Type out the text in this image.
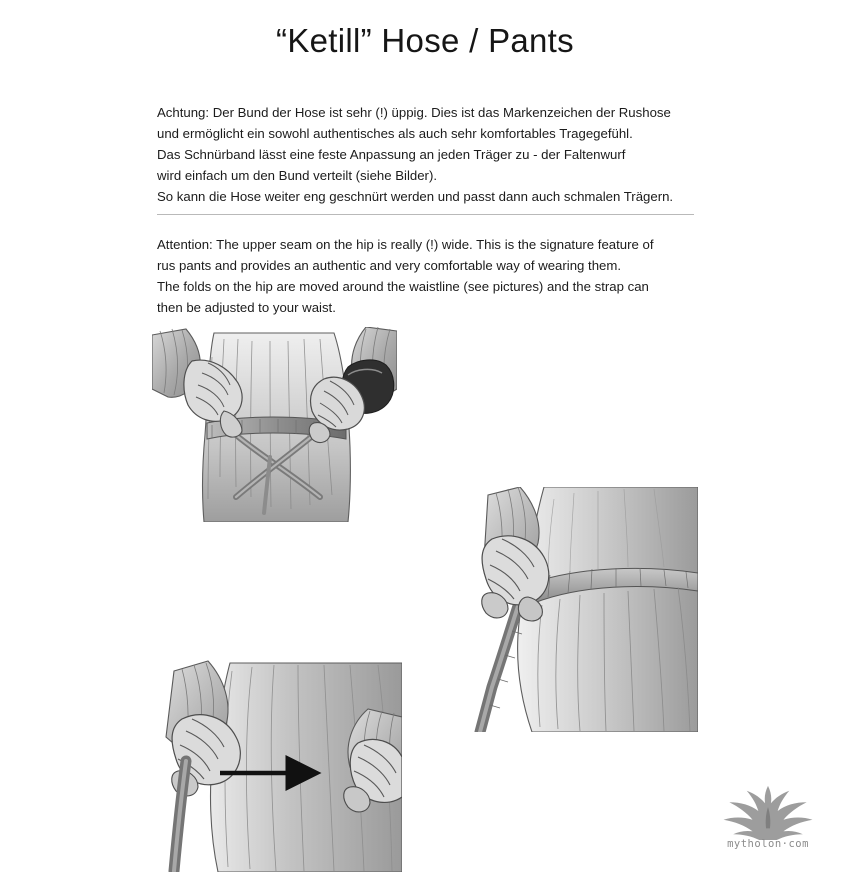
“Ketill” Hose / Pants

Achtung: Der Bund der Hose ist sehr (!) üppig. Dies ist das Markenzeichen der Rushose

und ermöglicht ein sowohl authentisches als auch sehr komfortables Tragegefühl.

Das Schnürband lässt eine feste Anpassung an jeden Träger zu - der Faltenwurf

wird einfach um den Bund verteilt (siehe Bilder).

So kann die Hose weiter eng geschnürt werden und passt dann auch schmalen Trägern.

Attention: The upper seam on the hip is really (!) wide. This is the signature feature of

rus pants and provides an authentic and very comfortable way of wearing them.

The folds on the hip are moved around the waistline (see pictures) and the strap can

then be adjusted to your waist.

mytholon·com
